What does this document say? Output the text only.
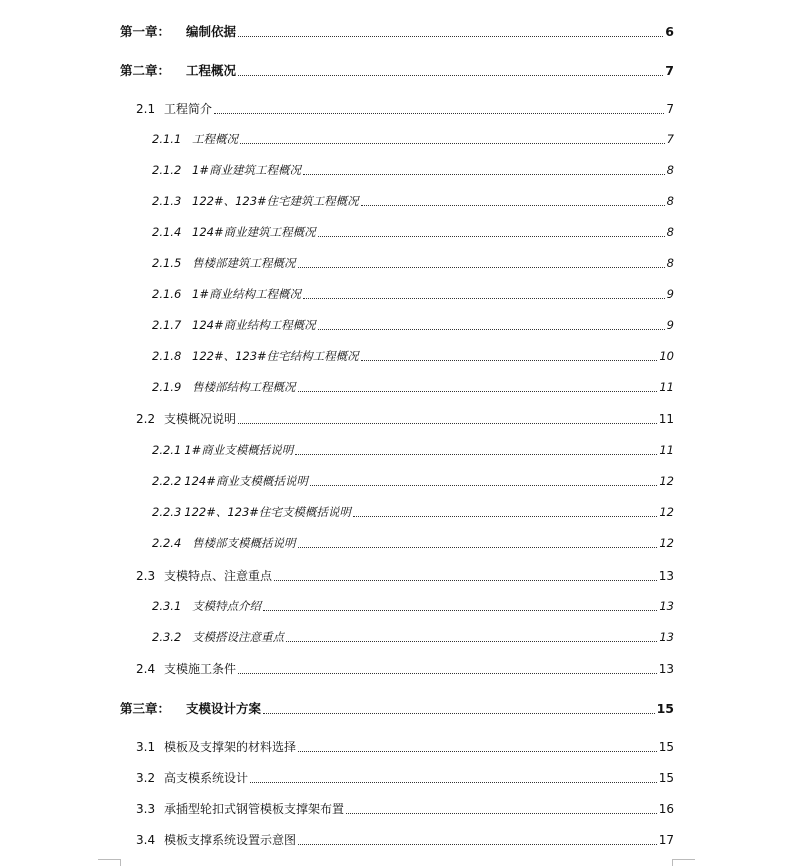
第一章：	编制依据	6
第二章：	工程概况	7
2.1 工程简介	7
2.1.1 工程概况	7
2.1.2 1#商业建筑工程概况	8
2.1.3 122#、123#住宅建筑工程概况	8
2.1.4 124#商业建筑工程概况	8
2.1.5 售楼部建筑工程概况	8
2.1.6 1#商业结构工程概况	9
2.1.7 124#商业结构工程概况	9
2.1.8 122#、123#住宅结构工程概况	10
2.1.9 售楼部结构工程概况	11
2.2 支模概况说明	11
2.2.1 1#商业支模概括说明	11
2.2.2 124#商业支模概括说明	12
2.2.3 122#、123#住宅支模概括说明	12
2.2.4 售楼部支模概括说明	12
2.3 支模特点、注意重点	13
2.3.1 支模特点介绍	13
2.3.2 支模搭设注意重点	13
2.4 支模施工条件	13
第三章：	支模设计方案	15
3.1 模板及支撑架的材料选择	15
3.2 高支模系统设计	15
3.3 承插型轮扣式钢管模板支撑架布置	16
3.4 模板支撑系统设置示意图	17
